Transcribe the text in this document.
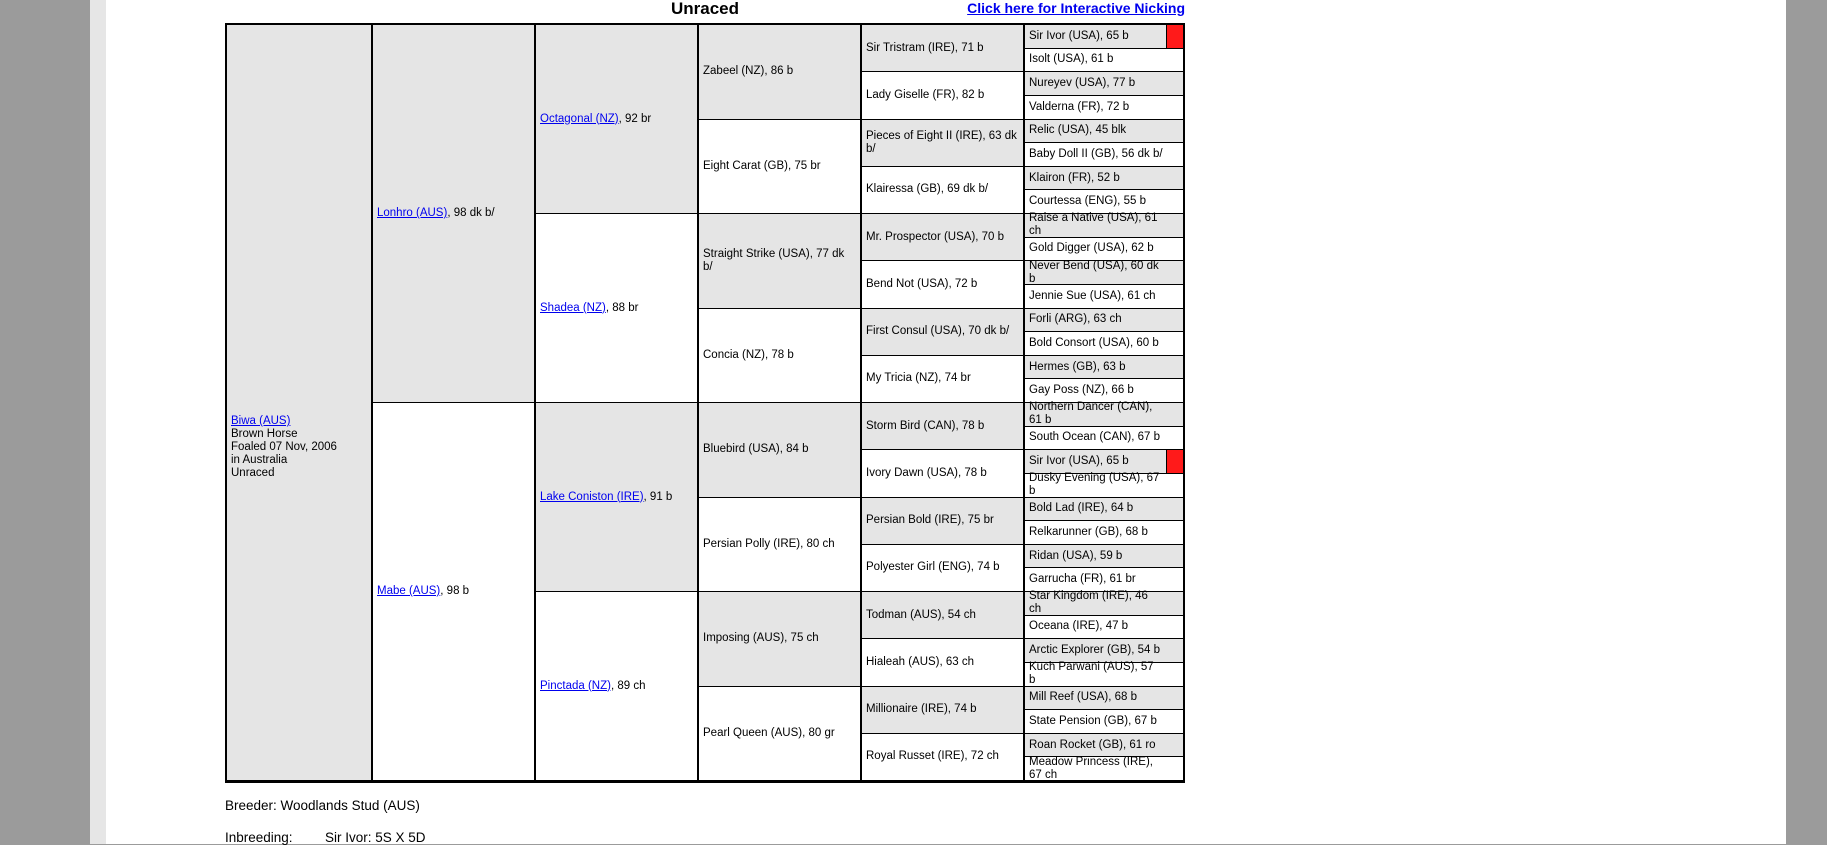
Unraced	Click here for Interactive Nicking
Biwa (AUS)
Brown Horse
Foaled 07 Nov, 2006
in Australia
Unraced
Lonhro (AUS), 98 dk b/
Mabe (AUS), 98 b
Octagonal (NZ), 92 br
Shadea (NZ), 88 br
Lake Coniston (IRE), 91 b
Pinctada (NZ), 89 ch
Zabeel (NZ), 86 b
Eight Carat (GB), 75 br
Straight Strike (USA), 77 dk b/
Concia (NZ), 78 b
Bluebird (USA), 84 b
Persian Polly (IRE), 80 ch
Imposing (AUS), 75 ch
Pearl Queen (AUS), 80 gr
Sir Tristram (IRE), 71 b
Lady Giselle (FR), 82 b
Pieces of Eight II (IRE), 63 dk b/
Klairessa (GB), 69 dk b/
Mr. Prospector (USA), 70 b
Bend Not (USA), 72 b
First Consul (USA), 70 dk b/
My Tricia (NZ), 74 br
Storm Bird (CAN), 78 b
Ivory Dawn (USA), 78 b
Persian Bold (IRE), 75 br
Polyester Girl (ENG), 74 b
Todman (AUS), 54 ch
Hialeah (AUS), 63 ch
Millionaire (IRE), 74 b
Royal Russet (IRE), 72 ch
Sir Ivor (USA), 65 b
Isolt (USA), 61 b
Nureyev (USA), 77 b
Valderna (FR), 72 b
Relic (USA), 45 blk
Baby Doll II (GB), 56 dk b/
Klairon (FR), 52 b
Courtessa (ENG), 55 b
Raise a Native (USA), 61 ch
Gold Digger (USA), 62 b
Never Bend (USA), 60 dk b
Jennie Sue (USA), 61 ch
Forli (ARG), 63 ch
Bold Consort (USA), 60 b
Hermes (GB), 63 b
Gay Poss (NZ), 66 b
Northern Dancer (CAN), 61 b
South Ocean (CAN), 67 b
Sir Ivor (USA), 65 b
Dusky Evening (USA), 67 b
Bold Lad (IRE), 64 b
Relkarunner (GB), 68 b
Ridan (USA), 59 b
Garrucha (FR), 61 br
Star Kingdom (IRE), 46 ch
Oceana (IRE), 47 b
Arctic Explorer (GB), 54 b
Kuch Parwani (AUS), 57 b
Mill Reef (USA), 68 b
State Pension (GB), 67 b
Roan Rocket (GB), 61 ro
Meadow Princess (IRE), 67 ch
Breeder: Woodlands Stud (AUS)
Inbreeding: Sir Ivor: 5S X 5D
